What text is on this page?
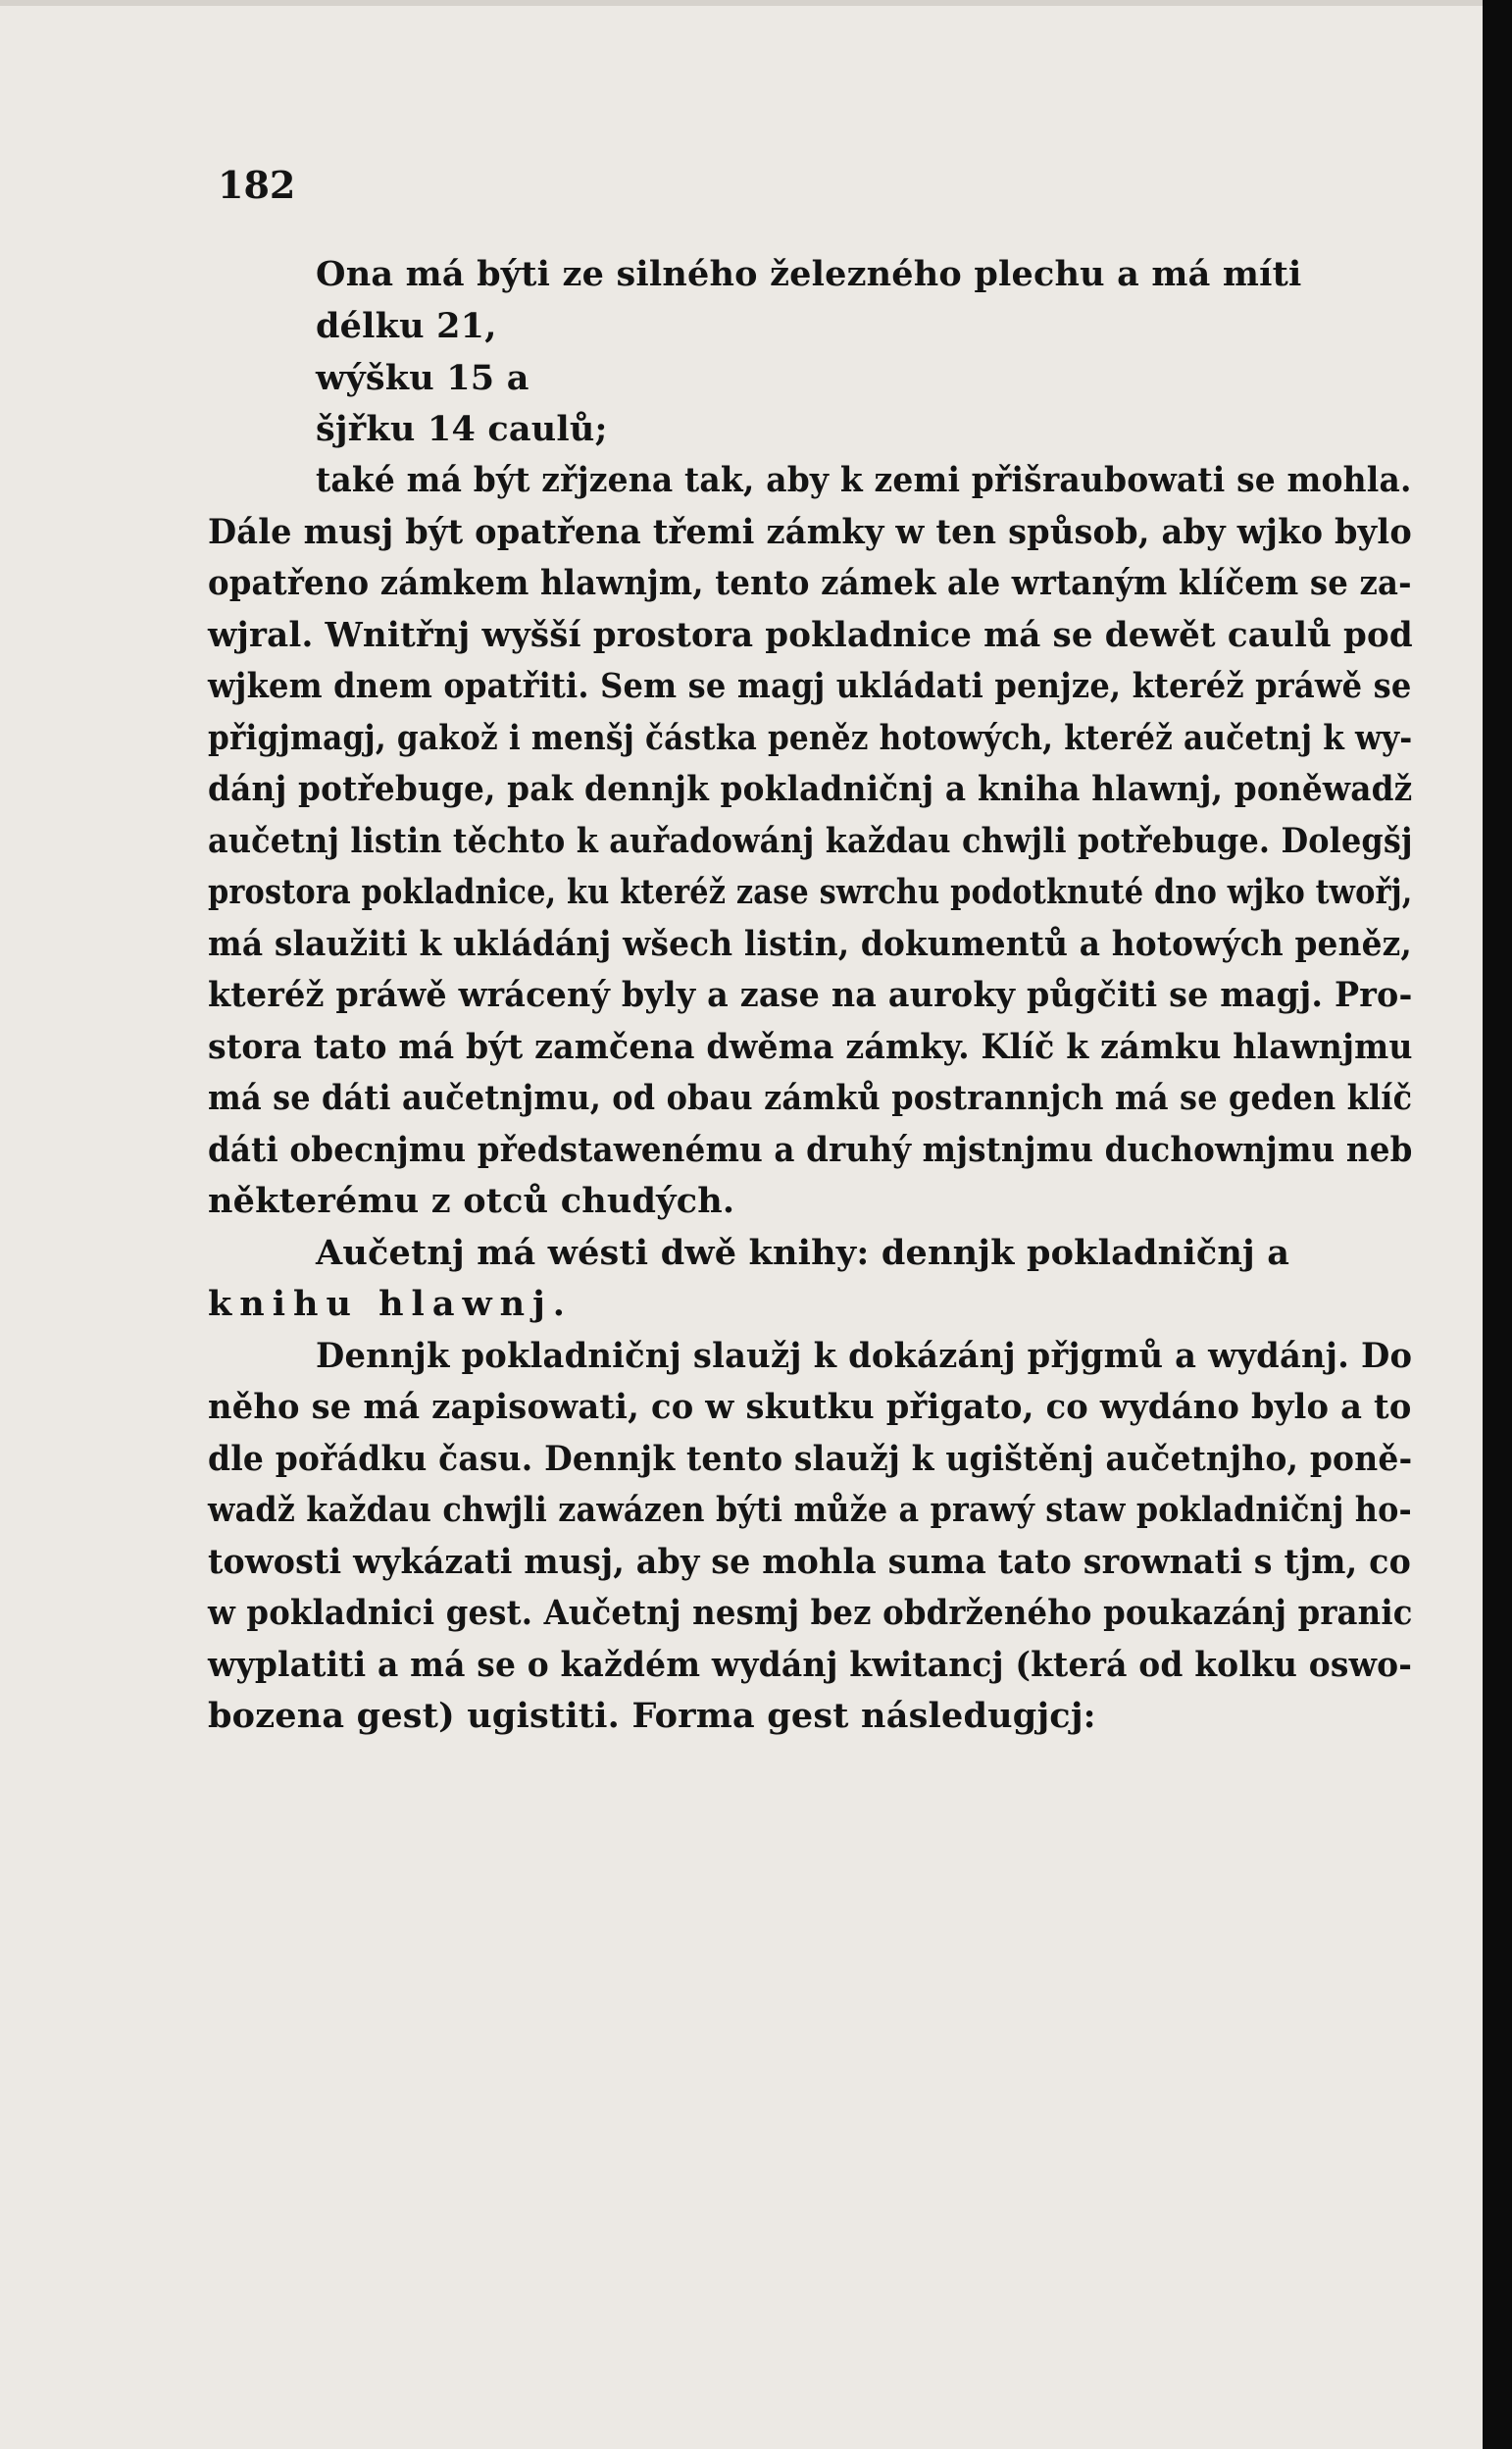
182
Ona má býti ze silného železného plechu a má míti
délku 21,
wýšku 15 a
šjřku 14 caulů;
také má být zřjzena tak, aby k zemi přišraubowati se mohla.
Dále musj být opatřena třemi zámky w ten spůsob, aby wjko bylo
opatřeno zámkem hlawnjm, tento zámek ale wrtaným klíčem se za-
wjral. Wnitřnj wyšší prostora pokladnice má se dewět caulů pod
wjkem dnem opatřiti. Sem se magj ukládati penjze, kteréž práwě se
přigjmagj, gakož i menšj částka peněz hotowých, kteréž aučetnj k wy-
dánj potřebuge, pak dennjk pokladničnj a kniha hlawnj, poněwadž
aučetnj listin těchto k auřadowánj každau chwjli potřebuge. Dolegšj
prostora pokladnice, ku kteréž zase swrchu podotknuté dno wjko twořj,
má slaužiti k ukládánj wšech listin, dokumentů a hotowých peněz,
kteréž práwě wrácený byly a zase na auroky půgčiti se magj. Pro-
stora tato má být zamčena dwěma zámky. Klíč k zámku hlawnjmu
má se dáti aučetnjmu, od obau zámků postrannjch má se geden klíč
dáti obecnjmu předstawenému a druhý mjstnjmu duchownjmu neb
některému z otců chudých.
Aučetnj má wésti dwě knihy: dennjk pokladničnj a
knihu hlawnj.
Dennjk pokladničnj slaužj k dokázánj přjgmů a wydánj. Do
něho se má zapisowati, co w skutku přigato, co wydáno bylo a to
dle pořádku času. Dennjk tento slaužj k ugištěnj aučetnjho, poně-
wadž každau chwjli zawázen býti může a prawý staw pokladničnj ho-
towosti wykázati musj, aby se mohla suma tato srownati s tjm, co
w pokladnici gest. Aučetnj nesmj bez obdrženého poukazánj pranic
wyplatiti a má se o každém wydánj kwitancj (která od kolku oswo-
bozena gest) ugistiti. Forma gest následugjcj:
